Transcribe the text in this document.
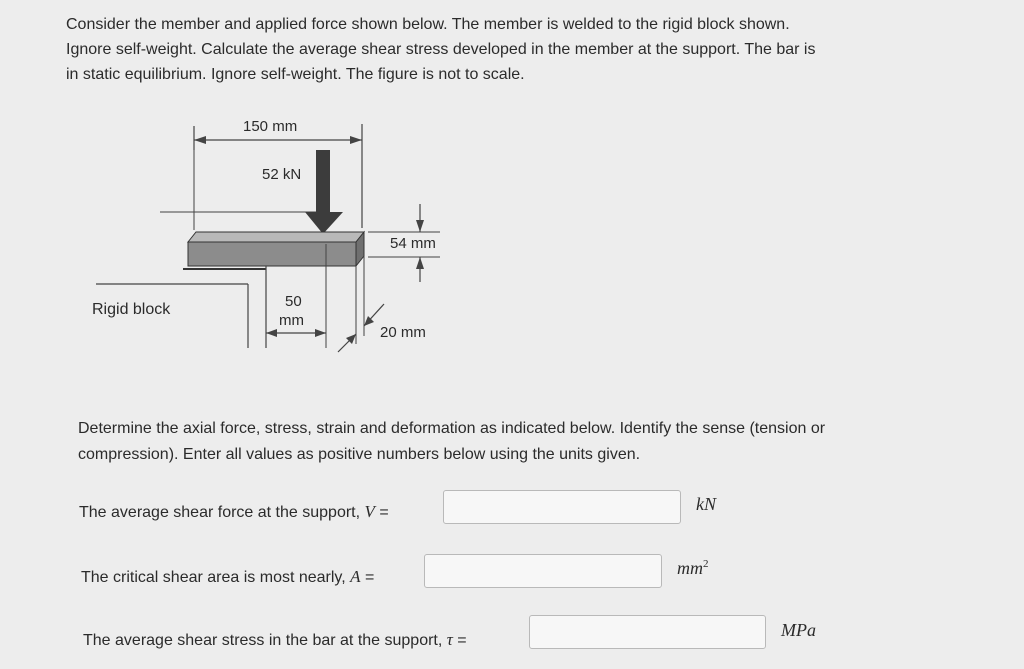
Consider the member and applied force shown below. The member is welded to the rigid block shown.
Ignore self-weight. Calculate the average shear stress developed in the member at the support. The bar is
in static equilibrium. Ignore self-weight. The figure is not to scale.
150 mm
52 kN
54 mm
50
mm
20 mm
Rigid block
Determine the axial force, stress, strain and deformation as indicated below. Identify the sense (tension or
compression). Enter all values as positive numbers below using the units given.
The average shear force at the support, V =	kN
The critical shear area is most nearly, A =	$mm^2$
The average shear stress in the bar at the support, τ =
MPa
